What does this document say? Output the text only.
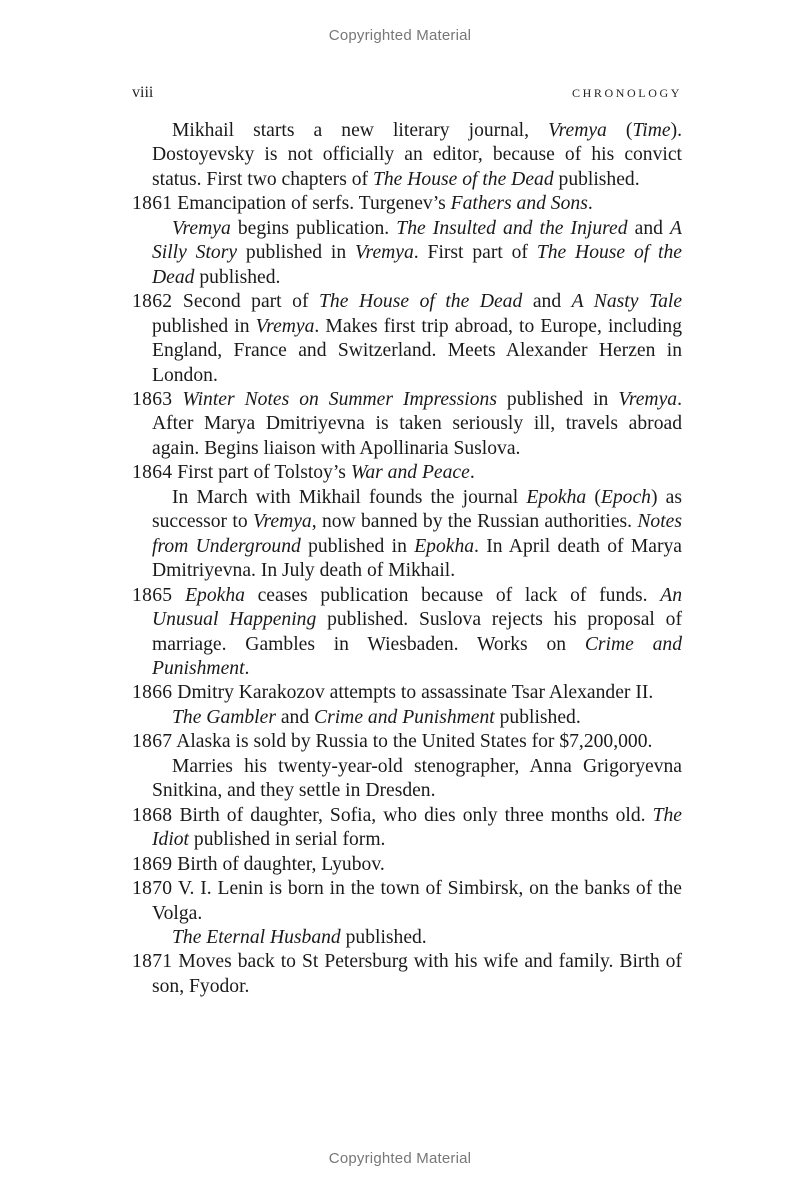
Copyrighted Material
viii	CHRONOLOGY

Mikhail starts a new literary journal, Vremya (Time). Dostoyevsky is not officially an editor, because of his convict status. First two chapters of The House of the Dead published.

1861 Emancipation of serfs. Turgenev’s Fathers and Sons.

Vremya begins publication. The Insulted and the Injured and A Silly Story published in Vremya. First part of The House of the Dead published.

1862 Second part of The House of the Dead and A Nasty Tale published in Vremya. Makes first trip abroad, to Europe, including England, France and Switzerland. Meets Alexander Herzen in London.

1863 Winter Notes on Summer Impressions published in Vremya. After Marya Dmitriyevna is taken seriously ill, travels abroad again. Begins liaison with Apollinaria Suslova.

1864 First part of Tolstoy’s War and Peace.

In March with Mikhail founds the journal Epokha (Epoch) as successor to Vremya, now banned by the Russian authorities. Notes from Underground published in Epokha. In April death of Marya Dmitriyevna. In July death of Mikhail.

1865 Epokha ceases publication because of lack of funds. An Unusual Happening published. Suslova rejects his proposal of marriage. Gambles in Wiesbaden. Works on Crime and Punishment.

1866 Dmitry Karakozov attempts to assassinate Tsar Alexander II.

The Gambler and Crime and Punishment published.

1867 Alaska is sold by Russia to the United States for $7,200,000.

Marries his twenty-year-old stenographer, Anna Grigoryevna Snitkina, and they settle in Dresden.

1868 Birth of daughter, Sofia, who dies only three months old. The Idiot published in serial form.

1869 Birth of daughter, Lyubov.

1870 V. I. Lenin is born in the town of Simbirsk, on the banks of the Volga.

The Eternal Husband published.

1871 Moves back to St Petersburg with his wife and family. Birth of son, Fyodor.

Copyrighted Material
